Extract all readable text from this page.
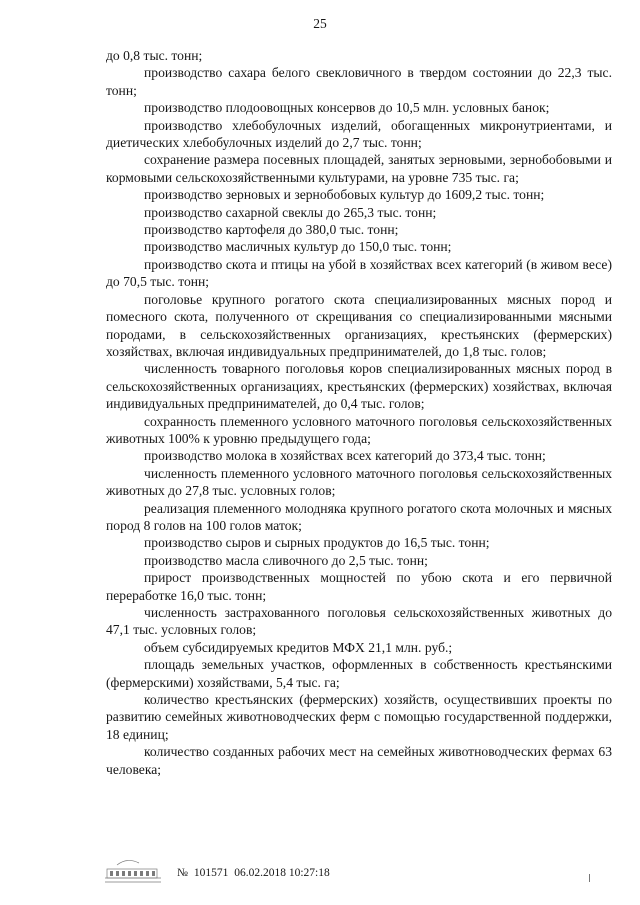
25

до 0,8 тыс. тонн;

производство сахара белого свекловичного в твердом состоянии до 22,3 тыс. тонн;

производство плодоовощных консервов до 10,5 млн. условных банок;

производство хлебобулочных изделий, обогащенных микронутриентами, и диетических хлебобулочных изделий до 2,7 тыс. тонн;

сохранение размера посевных площадей, занятых зерновыми, зернобобовыми и кормовыми сельскохозяйственными культурами, на уровне 735 тыс. га;

производство зерновых и зернобобовых культур до 1609,2 тыс. тонн;

производство сахарной свеклы до 265,3 тыс. тонн;

производство картофеля до 380,0 тыс. тонн;

производство масличных культур до 150,0 тыс. тонн;

производство скота и птицы на убой в хозяйствах всех категорий (в живом весе) до 70,5 тыс. тонн;

поголовье крупного рогатого скота специализированных мясных пород и помесного скота, полученного от скрещивания со специализированными мясными породами, в сельскохозяйственных организациях, крестьянских (фермерских) хозяйствах, включая индивидуальных предпринимателей, до 1,8 тыс. голов;

численность товарного поголовья коров специализированных мясных пород в сельскохозяйственных организациях, крестьянских (фермерских) хозяйствах, включая индивидуальных предпринимателей, до 0,4 тыс. голов;

сохранность племенного условного маточного поголовья сельскохозяйственных животных 100% к уровню предыдущего года;

производство молока в хозяйствах всех категорий до 373,4 тыс. тонн;

численность племенного условного маточного поголовья сельскохозяйственных животных до 27,8 тыс. условных голов;

реализация племенного молодняка крупного рогатого скота молочных и мясных пород 8 голов на 100 голов маток;

производство сыров и сырных продуктов до 16,5 тыс. тонн;

производство масла сливочного до 2,5 тыс. тонн;

прирост производственных мощностей по убою скота и его первичной переработке 16,0 тыс. тонн;

численность застрахованного поголовья сельскохозяйственных животных до 47,1 тыс. условных голов;

объем субсидируемых кредитов МФХ 21,1 млн. руб.;

площадь земельных участков, оформленных в собственность крестьянскими (фермерскими) хозяйствами, 5,4 тыс. га;

количество крестьянских (фермерских) хозяйств, осуществивших проекты по развитию семейных животноводческих ферм с помощью государственной поддержки, 18 единиц;

количество созданных рабочих мест на семейных животноводческих фермах 63 человека;

№ 101571 06.02.2018 10:27:18
